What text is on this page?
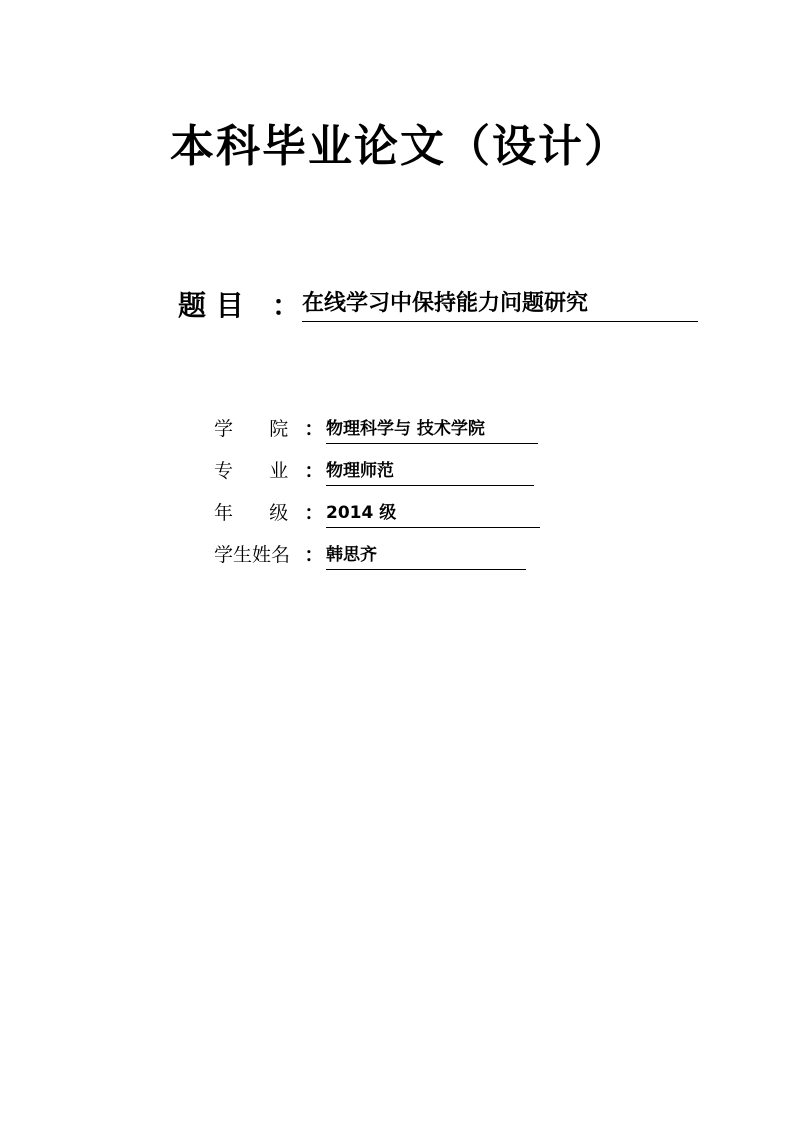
本科毕业论文（设计）
题 目	： 在线学习中保持能力问题研究
学      院 ： 物理科学与 技术学院
专      业 ： 物理师范
年      级 ： 2014 级
学生姓名 ： 韩思齐
